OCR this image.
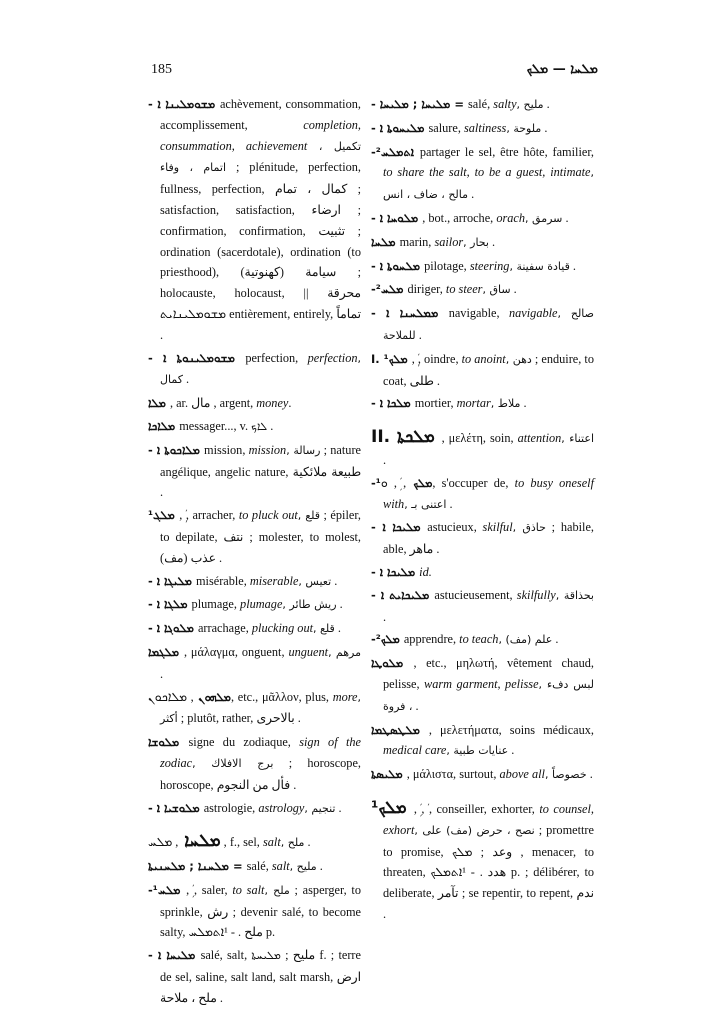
185	ܡܠܚܐ — ܡܠܟ

- ܡܫܘܡܠܝܢܐ ܐ achèvement, consommation, accomplissement, completion, consummation, achievement تكميل ، اتمام ، وفاء ; plénitude, perfection, fullness, perfection, كمال ، تمام ; satisfaction, satisfaction, ارضاء ; confirmation, confirmation, تثبيت ; ordination (sacerdotale), ordination (to priesthood), سيامة (كهنوتية) ; holocauste, holocaust, محرقة || ܡܫܘܡܠܝܢܐܝܬ entièrement, entirely, تماماً .

- ܡܫܘܡܠܝܢܘܬܐ ܐ perfection, perfection, كمال .

ܡܠܐ , ar. مال , argent, money.

ܡܠܐܟܐ messager..., v. ܠܐܟ .

- ܡܠܐܟܘܬܐ ܐ mission, mission, رسالة ; nature angélique, angelic nature, طبيعة ملائكية .

¹ܡܠܓ , ܲ, arracher, to pluck out, قلع ; épiler, to depilate, نتف ; molester, to molest, عذب (مف) .

- ܡܠܝܓܐ ܐ misérable, miserable, تعيس .

- ܡܠܓܐ ܐ plumage, plumage, ريش طائر .

- ܡܠܘܓܐ ܐ arrachage, plucking out, قلع .

ܡܠܓܡܐ , μάλαγμα, onguent, unguent, مرهم .

ܡܠܗܘܢ , ܡܠܐܟܘܢ, etc., μᾶλλον, plus, more, أكثر ; plutôt, rather, بالاحرى .

ܡܠܘܫܐ signe du zodiaque, sign of the zodiac, برج الافلاك ; horoscope, horoscope, فأل من النجوم .

- ܡܠܘܫܝܐ ܐ astrologie, astrology, تنجيم .

ܡܠܚܐ , ܡܠܚ , f., sel, salt, ملح .

ܡܠܚܢܐ ; ܡܠܚܢܝܬܐ = salé, salt, مليح .

-¹ܡܠܚ , ܲ, saler, to salt, ملح ; asperger, to sprinkle, رش ; devenir salé, to become salty, ملح . - ¹ܐܬܡܠܚ p.

- ܡܠܝܚܐ ܐ salé, salt, مليح ; ܡܠܝܚܬܐ	f. ; terre de sel, saline, salt land, salt marsh, ارض ملح ، ملاحة .

- ܡܠܝܚܐ ; ܡܠܝܚܐ = salé, salty, مليح .

- ܡܠܝܚܘܬܐ ܐ salure, saltiness, ملوحة .

-²ܐܬܡܠܚ partager le sel, être hôte, familier, to share the salt, to be a guest, intimate, مالح ، ضاف ، انس .

- ܡܠܘܚܐ ܐ , bot., arroche, orach, سرمق .

ܡܠܚܐ marin, sailor, بحار .

- ܡܠܚܘܬܐ ܐ pilotage, steering, قيادة سفينة .

-²ܡܠܚ diriger, to steer, ساق .

- ܡܡܠܚܢܐ ܐ navigable, navigable, صالح للملاحة .

I. ¹ܡܠܟ , ܲ, oindre, to anoint, دهن ; enduire, to coat, طلى .

- ܡܠܟܐ ܐ mortier, mortar, ملاط .

II. ܡܠܟܬܐ , μελέτη, soin, attention, اعتناء .

-¹ܡܠܟ , ܲ, ܘ, s'occuper de, to busy oneself with, اعتنى بـ .

- ܡܠܝܟܐ ܐ astucieux, skilful, حاذق ; habile, able, ماهر .

- ܡܠܝܟܐ ܐ id.

- ܡܠܝܟܐܝܬ ܐ astucieusement, skilfully, بحذاقة .

-²ܡܠܟ apprendre, to teach, علم (مف) .

ܡܠܘܛܐ , etc., μηλωτή, vêtement chaud, pelisse, warm garment, pelisse, لبس دفء ، فروة .

ܡܠܛܣܛܡܐ , μελετήματα, soins médicaux, medical care, عنايات طبية .

ܡܠܝܣܬܐ , μάλιστα, surtout, above all, خصوصاً .

¹ܡܠܟ , ܲ, ܿ, conseiller, exhorter, to counsel, exhort, نصح ، حرض (مف) على ; promettre to promise, وعد ; ܡܠܟ , menacer, to threaten, هدد . - ¹ܐܬܡܠܟ p. ; délibérer, to deliberate, تآمر ; se repentir, to repent, ندم .
